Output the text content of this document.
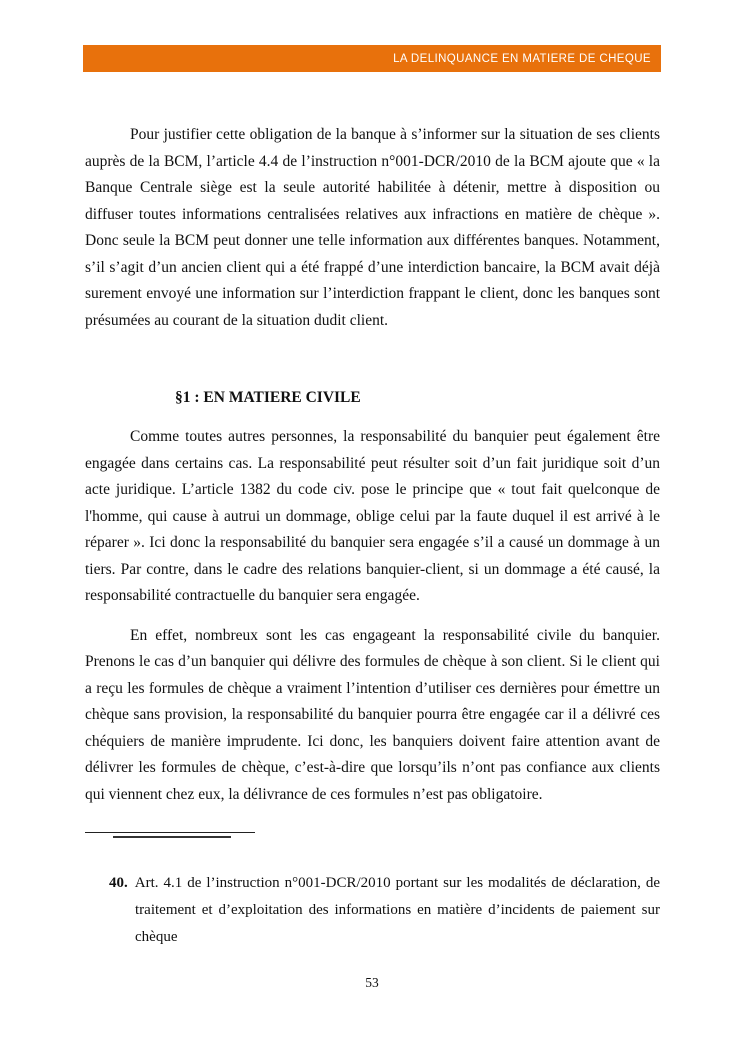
LA DELINQUANCE EN MATIERE DE CHEQUE

Pour justifier cette obligation de la banque à s’informer sur la situation de ses clients auprès de la BCM, l’article 4.4 de l’instruction n°001-DCR/2010 de la BCM ajoute que « la Banque Centrale siège est la seule autorité habilitée à détenir, mettre à disposition ou diffuser toutes informations centralisées relatives aux infractions en matière de chèque ». Donc seule la BCM peut donner une telle information aux différentes banques. Notamment, s’il s’agit d’un ancien client qui a été frappé d’une interdiction bancaire, la BCM avait déjà surement envoyé une information sur l’interdiction frappant le client, donc les banques sont présumées au courant de la situation dudit client.

§1 : EN MATIERE CIVILE

Comme toutes autres personnes, la responsabilité du banquier peut également être engagée dans certains cas. La responsabilité peut résulter soit d’un fait juridique soit d’un acte juridique. L’article 1382 du code civ. pose le principe que « tout fait quelconque de l'homme, qui cause à autrui un dommage, oblige celui par la faute duquel il est arrivé à le réparer ». Ici donc la responsabilité du banquier sera engagée s’il a causé un dommage à un tiers. Par contre, dans le cadre des relations banquier-client, si un dommage a été causé, la responsabilité contractuelle du banquier sera engagée.

En effet, nombreux sont les cas engageant la responsabilité civile du banquier. Prenons le cas d’un banquier qui délivre des formules de chèque à son client. Si le client qui a reçu les formules de chèque a vraiment l’intention d’utiliser ces dernières pour émettre un chèque sans provision, la responsabilité du banquier pourra être engagée car il a délivré ces chéquiers de manière imprudente. Ici donc, les banquiers doivent faire attention avant de délivrer les formules de chèque, c’est-à-dire que lorsqu’ils n’ont pas confiance aux clients qui viennent chez eux, la délivrance de ces formules n’est pas obligatoire.

40. Art. 4.1 de l’instruction n°001-DCR/2010 portant sur les modalités de déclaration, de traitement et d’exploitation des informations en matière d’incidents de paiement sur chèque
53
